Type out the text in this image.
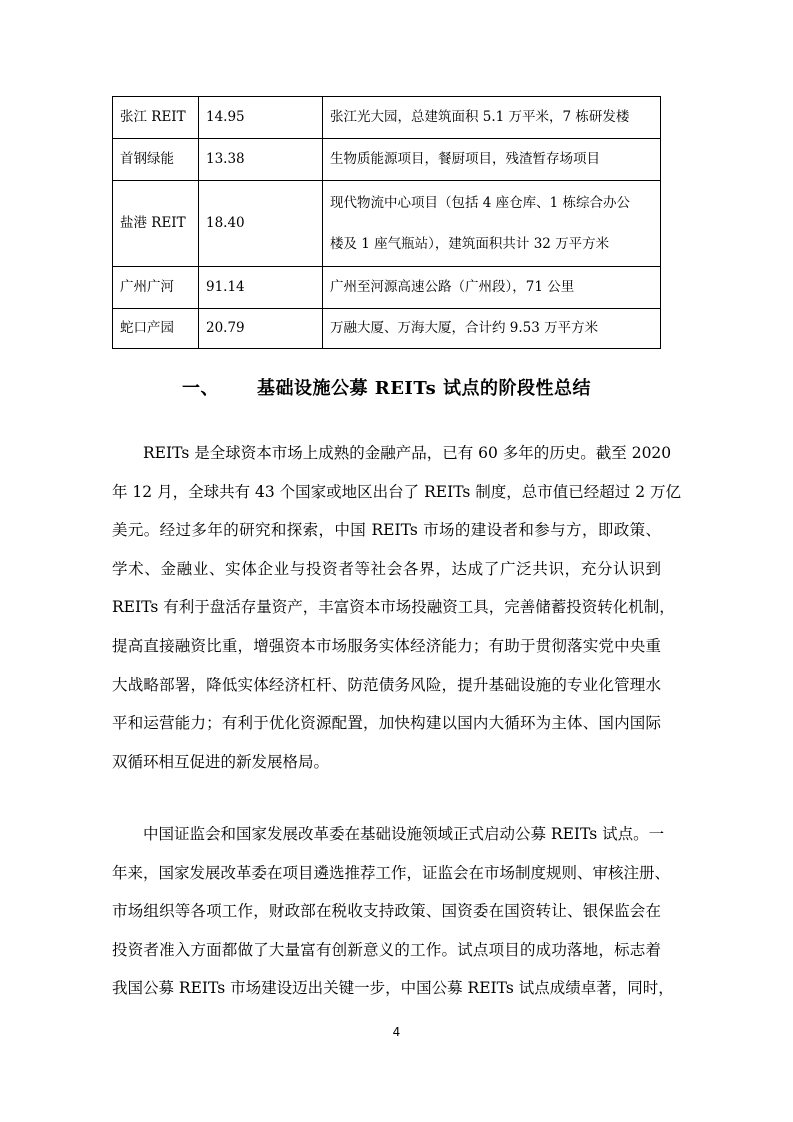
张江 REIT	14.95	张江光大园，总建筑面积 5.1 万平米，7 栋研发楼

首钢绿能	13.38	生物质能源项目，餐厨项目，残渣暂存场项目

盐港 REIT	18.40	现代物流中心项目（包括 4 座仓库、1 栋综合办公
楼及 1 座气瓶站），建筑面积共计 32 万平方米

广州广河	91.14	广州至河源高速公路（广州段），71 公里

蛇口产园	20.79	万融大厦、万海大厦，合计约 9.53 万平方米
一、 基础设施公募 REITs 试点的阶段性总结
REITs 是全球资本市场上成熟的金融产品，已有 60 多年的历史。截至 2020
年 12 月，全球共有 43 个国家或地区出台了 REITs 制度，总市值已经超过 2 万亿
美元。经过多年的研究和探索，中国 REITs 市场的建设者和参与方，即政策、
学术、金融业、实体企业与投资者等社会各界，达成了广泛共识，充分认识到
REITs 有利于盘活存量资产，丰富资本市场投融资工具，完善储蓄投资转化机制，
提高直接融资比重，增强资本市场服务实体经济能力；有助于贯彻落实党中央重
大战略部署，降低实体经济杠杆、防范债务风险，提升基础设施的专业化管理水
平和运营能力；有利于优化资源配置，加快构建以国内大循环为主体、国内国际
双循环相互促进的新发展格局。
中国证监会和国家发展改革委在基础设施领域正式启动公募 REITs 试点。一
年来，国家发展改革委在项目遴选推荐工作，证监会在市场制度规则、审核注册、
市场组织等各项工作，财政部在税收支持政策、国资委在国资转让、银保监会在
投资者准入方面都做了大量富有创新意义的工作。试点项目的成功落地，标志着
我国公募 REITs 市场建设迈出关键一步，中国公募 REITs 试点成绩卓著，同时，
4
